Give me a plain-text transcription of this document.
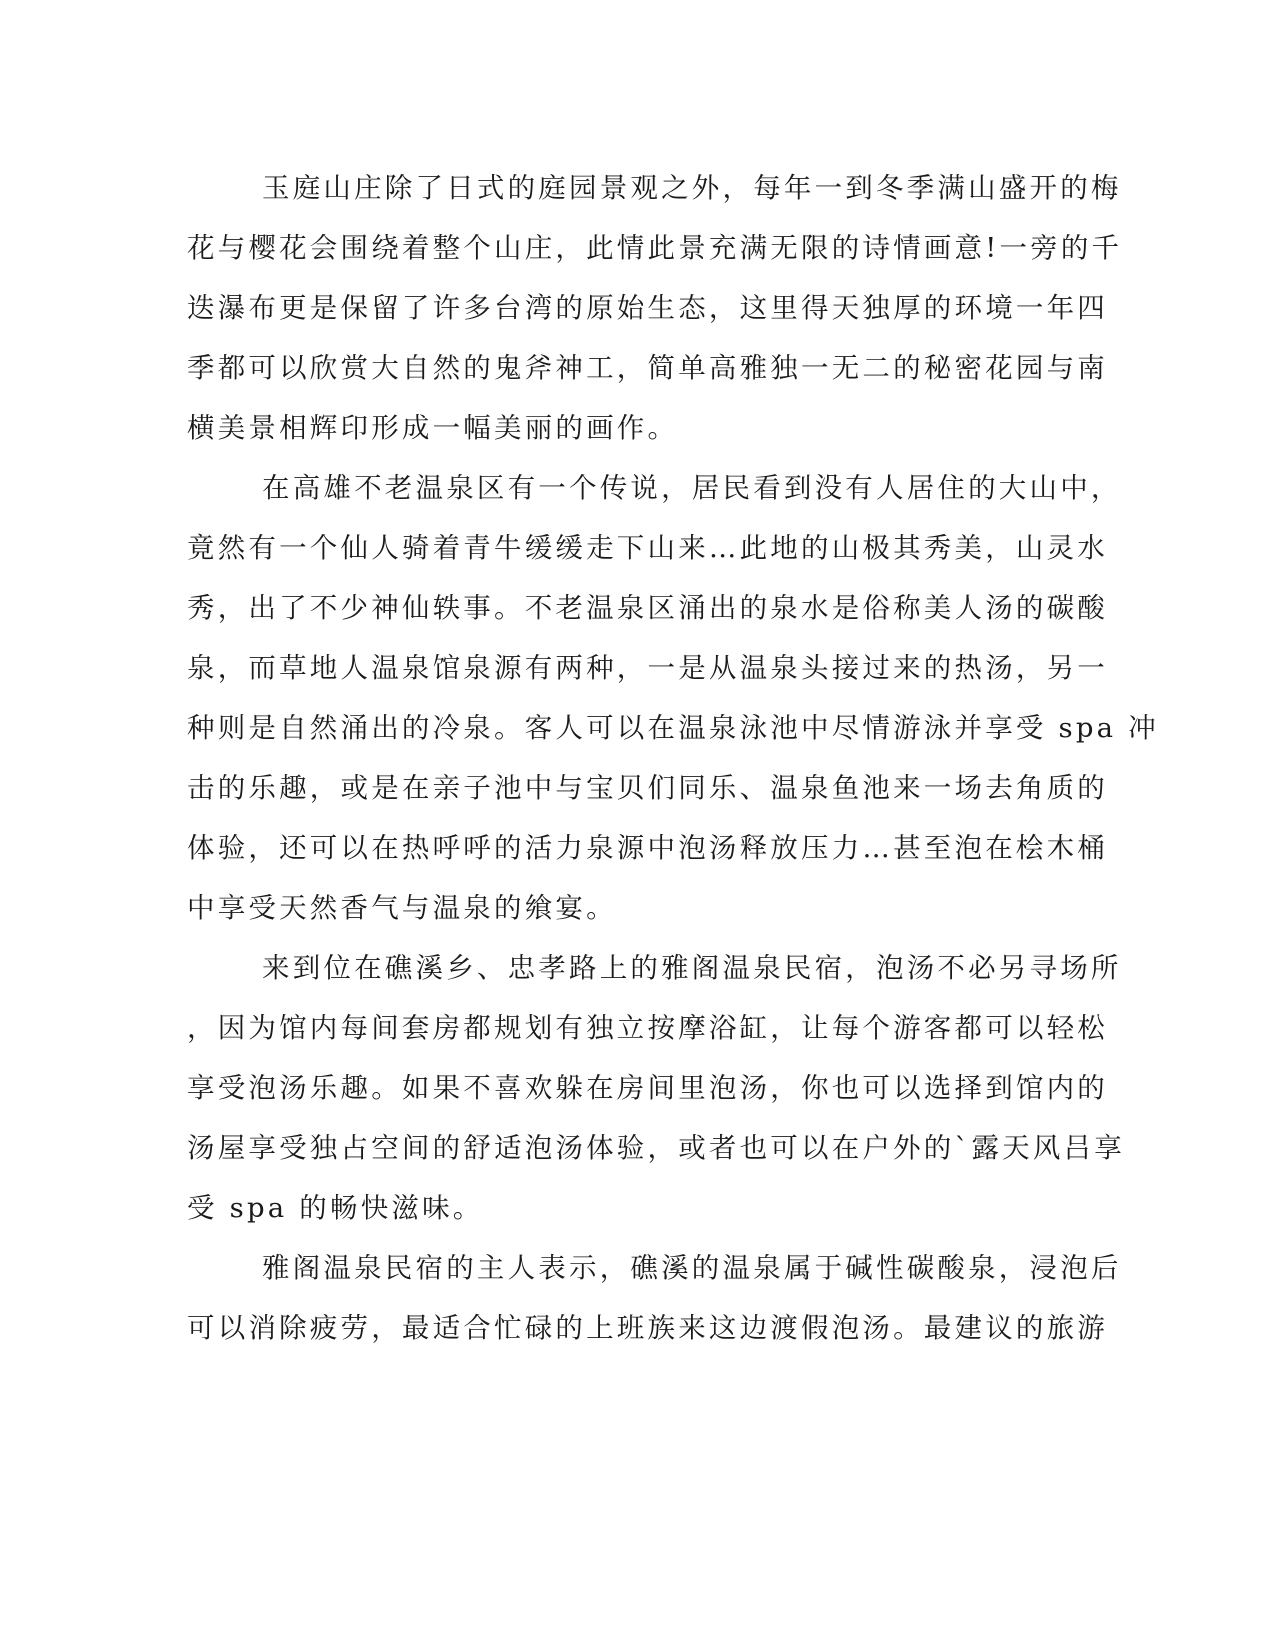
玉庭山庄除了日式的庭园景观之外，每年一到冬季满山盛开的梅
花与樱花会围绕着整个山庄，此情此景充满无限的诗情画意!一旁的千
迭瀑布更是保留了许多台湾的原始生态，这里得天独厚的环境一年四
季都可以欣赏大自然的鬼斧神工，简单高雅独一无二的秘密花园与南
横美景相辉印形成一幅美丽的画作。

在高雄不老温泉区有一个传说，居民看到没有人居住的大山中，
竟然有一个仙人骑着青牛缓缓走下山来…此地的山极其秀美，山灵水
秀，出了不少神仙轶事。不老温泉区涌出的泉水是俗称美人汤的碳酸
泉，而草地人温泉馆泉源有两种，一是从温泉头接过来的热汤，另一
种则是自然涌出的冷泉。客人可以在温泉泳池中尽情游泳并享受 spa 冲
击的乐趣，或是在亲子池中与宝贝们同乐、温泉鱼池来一场去角质的
体验，还可以在热呼呼的活力泉源中泡汤释放压力…甚至泡在桧木桶
中享受天然香气与温泉的飨宴。

来到位在礁溪乡、忠孝路上的雅阁温泉民宿，泡汤不必另寻场所
，因为馆内每间套房都规划有独立按摩浴缸，让每个游客都可以轻松
享受泡汤乐趣。如果不喜欢躲在房间里泡汤，你也可以选择到馆内的
汤屋享受独占空间的舒适泡汤体验，或者也可以在户外的`露天风吕享
受 spa 的畅快滋味。

雅阁温泉民宿的主人表示，礁溪的温泉属于碱性碳酸泉，浸泡后
可以消除疲劳，最适合忙碌的上班族来这边渡假泡汤。最建议的旅游
